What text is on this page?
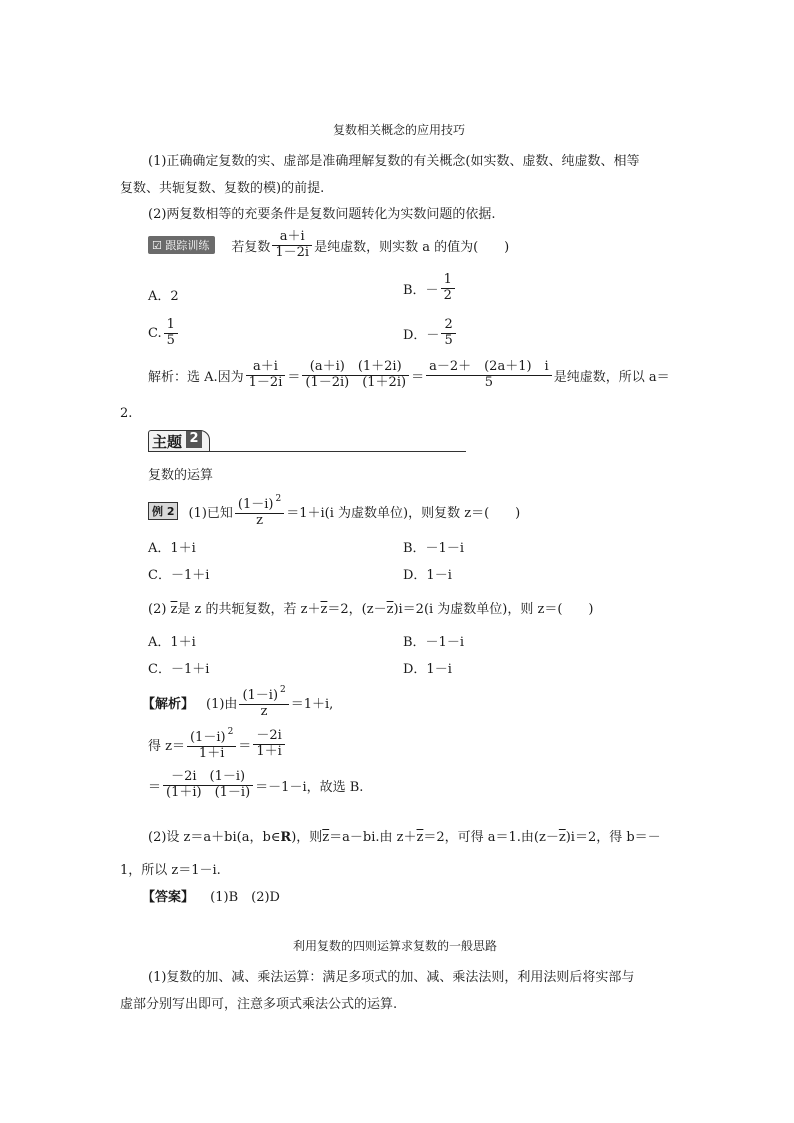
复数相关概念的应用技巧
(1)正确确定复数的实、虚部是准确理解复数的有关概念(如实数、虚数、纯虚数、相等
复数、共轭复数、复数的模)的前提.
(2)两复数相等的充要条件是复数问题转化为实数问题的依据.
☑ 跟踪训练	若复数 $\frac{a+i}{1-2i}$ 是纯虚数，则实数 a 的值为(　　)
A．2	B．－ $\frac{1}{2}$
C. $\frac{1}{5}$	D．－ $\frac{2}{5}$
解析：选 A.因为 $\frac{a+i}{1-2i} = \frac{(a+i) (1+2i)}{(1-2i) (1+2i)} = \frac{a-2+ (2a+1) i}{5}$ 是纯虚数，所以 a＝
2.
主题 2
复数的运算
例 2	(1)已知 $\frac{(1-i) ^2}{z} =1+i(i$ 为虚数单位)，则复数 z＝(　　)
A．1＋i	B．－1－i
C．－1＋i	D．1－i
(2) $\overline{z}$是 z 的共轭复数，若 $z+\overline{z}=2$，$(z-\overline{z})i=2(i$ 为虚数单位)，则 z＝(　　)
A．1＋i	B．－1－i
C．－1＋i	D．1－i
【解析】 (1)由 $\frac{(1-i) ^2}{z} =1+i$,
得 $z= \frac{(1-i) ^2}{1+i} = \frac{-2i}{1+i}$
＝ $\frac{-2i (1-i)}{(1+i) (1-i)} =-1-i$，故选 B.
(2)设 z＝a＋bi(a，b∈R)，则$\overline{z}=a-bi$.由 $z+\overline{z}=2$，可得 a＝1.由$(z-\overline{z})i=2$，得 b＝－
1，所以 z＝1－i.
【答案】 (1)B　(2)D
利用复数的四则运算求复数的一般思路
(1)复数的加、减、乘法运算：满足多项式的加、减、乘法法则，利用法则后将实部与
虚部分别写出即可，注意多项式乘法公式的运算.
